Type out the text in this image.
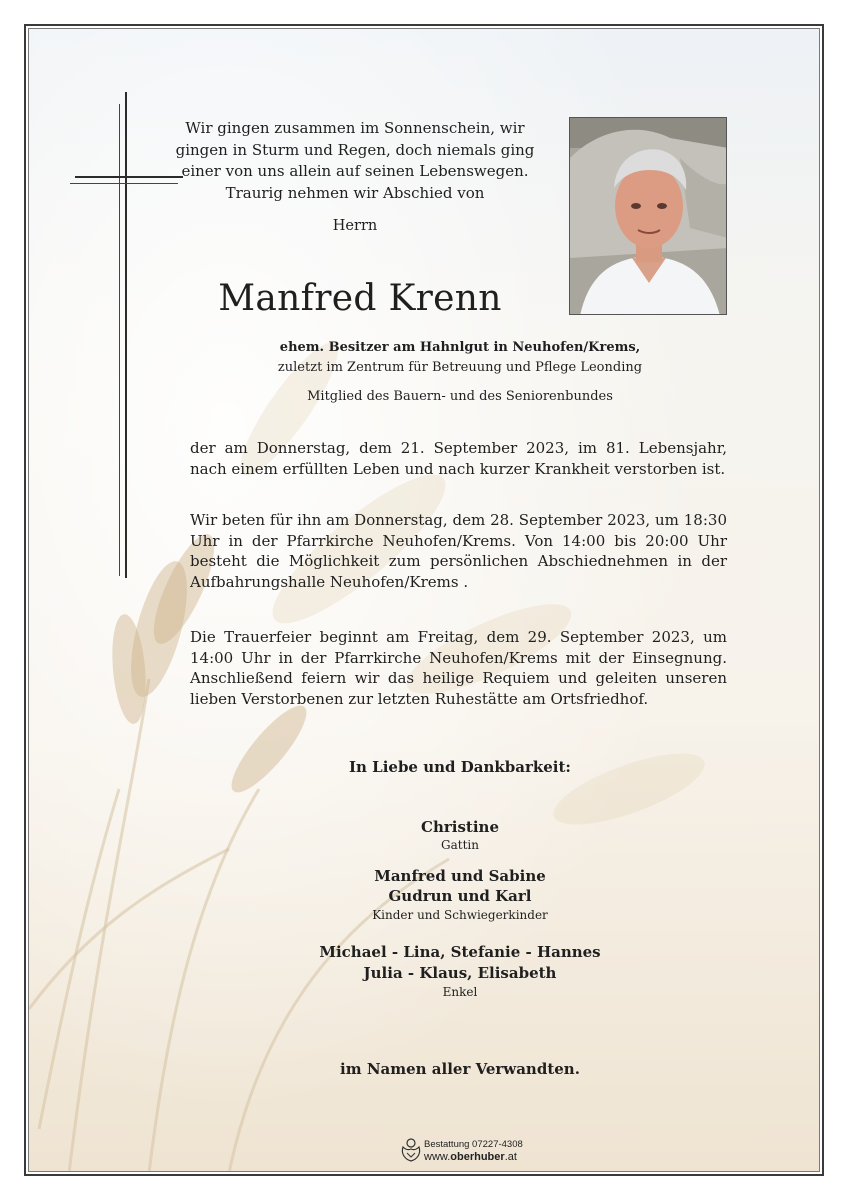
Wir gingen zusammen im Sonnenschein, wir
gingen in Sturm und Regen, doch niemals ging
einer von uns allein auf seinen Lebenswegen.
Traurig nehmen wir Abschied von
Herrn
Manfred Krenn
ehem. Besitzer am Hahnlgut in Neuhofen/Krems,
zuletzt im Zentrum für Betreuung und Pflege Leonding
Mitglied des Bauern- und des Seniorenbundes
der am Donnerstag, dem 21. September 2023, im 81. Lebensjahr, nach einem erfüllten Leben und nach kurzer Krankheit verstorben ist.
Wir beten für ihn am Donnerstag, dem 28. September 2023, um 18:30 Uhr in der Pfarrkirche Neuhofen/Krems. Von 14:00 bis 20:00 Uhr besteht die Möglichkeit zum persönlichen Abschiednehmen in der Aufbahrungshalle Neuhofen/Krems .
Die Trauerfeier beginnt am Freitag, dem 29. September 2023, um 14:00 Uhr in der Pfarrkirche Neuhofen/Krems mit der Einsegnung. Anschließend feiern wir das heilige Requiem und geleiten unseren lieben Verstorbenen zur letzten Ruhestätte am Ortsfriedhof.
In Liebe und Dankbarkeit:
Christine
Gattin
Manfred und Sabine
Gudrun und Karl
Kinder und Schwiegerkinder
Michael - Lina, Stefanie - Hannes
Julia - Klaus, Elisabeth
Enkel
im Namen aller Verwandten.
Bestattung 07227-4308
www.oberhuber.at
